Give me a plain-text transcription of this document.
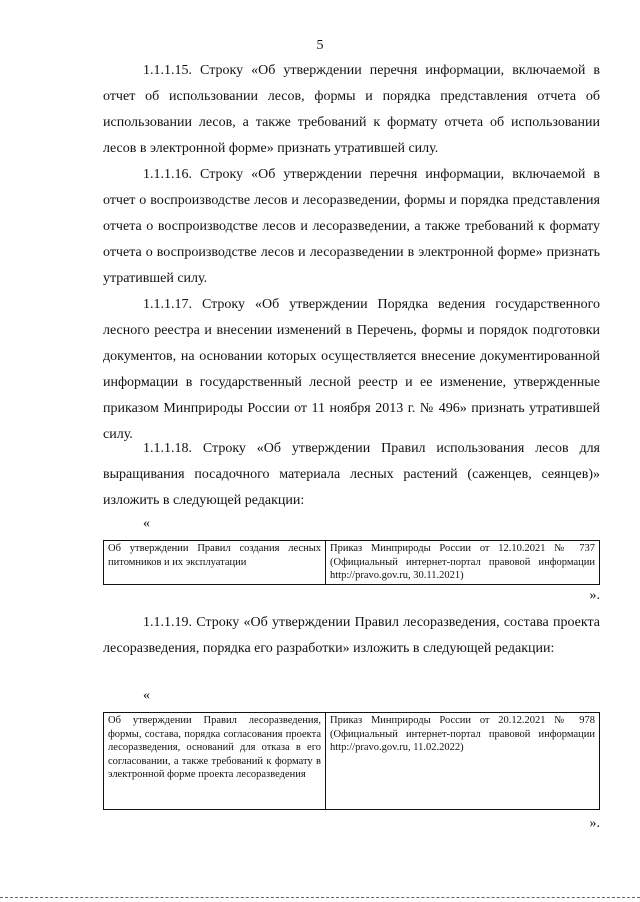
5
1.1.1.15. Строку «Об утверждении перечня информации, включаемой в отчет об использовании лесов, формы и порядка представления отчета об использовании лесов, а также требований к формату отчета об использовании лесов в электронной форме» признать утратившей силу.
1.1.1.16. Строку «Об утверждении перечня информации, включаемой в отчет о воспроизводстве лесов и лесоразведении, формы и порядка представления отчета о воспроизводстве лесов и лесоразведении, а также требований к формату отчета о воспроизводстве лесов и лесоразведении в электронной форме» признать утратившей силу.
1.1.1.17. Строку «Об утверждении Порядка ведения государственного лесного реестра и внесении изменений в Перечень, формы и порядок подготовки документов, на основании которых осуществляется внесение документированной информации в государственный лесной реестр и ее изменение, утвержденные приказом Минприроды России от 11 ноября 2013 г. № 496» признать утратившей силу.
1.1.1.18. Строку «Об утверждении Правил использования лесов для выращивания посадочного материала лесных растений (саженцев, сеянцев)» изложить в следующей редакции:
«
Об утверждении Правил создания лесных питомников и их эксплуатации	Приказ Минприроды России от 12.10.2021 № 737 (Официальный интернет-портал правовой информации http://pravo.gov.ru, 30.11.2021)
».
1.1.1.19. Строку «Об утверждении Правил лесоразведения, состава проекта лесоразведения, порядка его разработки» изложить в следующей редакции:
«
Об утверждении Правил лесоразведения, формы, состава, порядка согласования проекта лесоразведения, оснований для отказа в его согласовании, а также требований к формату в электронной форме проекта лесоразведения	Приказ Минприроды России от 20.12.2021 № 978 (Официальный интернет-портал правовой информации http://pravo.gov.ru, 11.02.2022)
».
